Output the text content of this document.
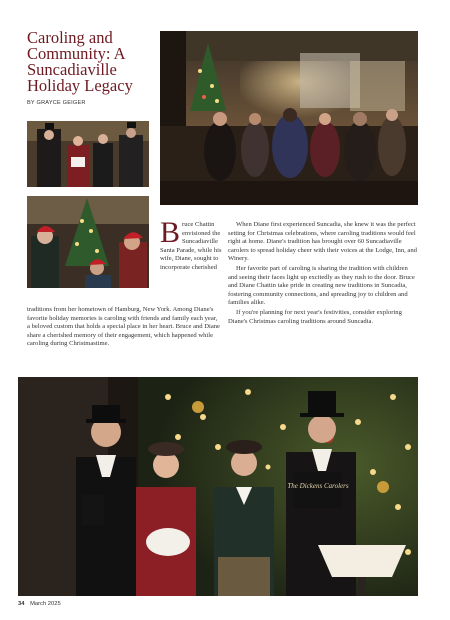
Caroling and Community: A Suncadiaville Holiday Legacy
BY GRAYCE GEIGER
B ruce Chattin envisioned the Suncadiaville Santa Parade, while his wife, Diane, sought to incorporate cherished

traditions from her hometown of Hamburg, New York. Among Diane's favorite holiday memories is caroling with friends and family each year, a beloved custom that holds a special place in her heart. Bruce and Diane share a cherished memory of their engagement, which happened while caroling during Christmastime.

When Diane first experienced Suncadia, she knew it was the perfect setting for Christmas celebrations, where caroling traditions would feel right at home. Diane's tradition has brought over 60 Suncadiaville carolers to spread holiday cheer with their voices at the Lodge, Inn, and Winery.

Her favorite part of caroling is sharing the tradition with children and seeing their faces light up excitedly as they rush to the door. Bruce and Diane Chattin take pride in creating new traditions in Suncadia, fostering community connections, and spreading joy to children and families alike.

If you're planning for next year's festivities, consider exploring Diane's Christmas caroling traditions around Suncadia.

The Dickens Carolers
34 March 2025
